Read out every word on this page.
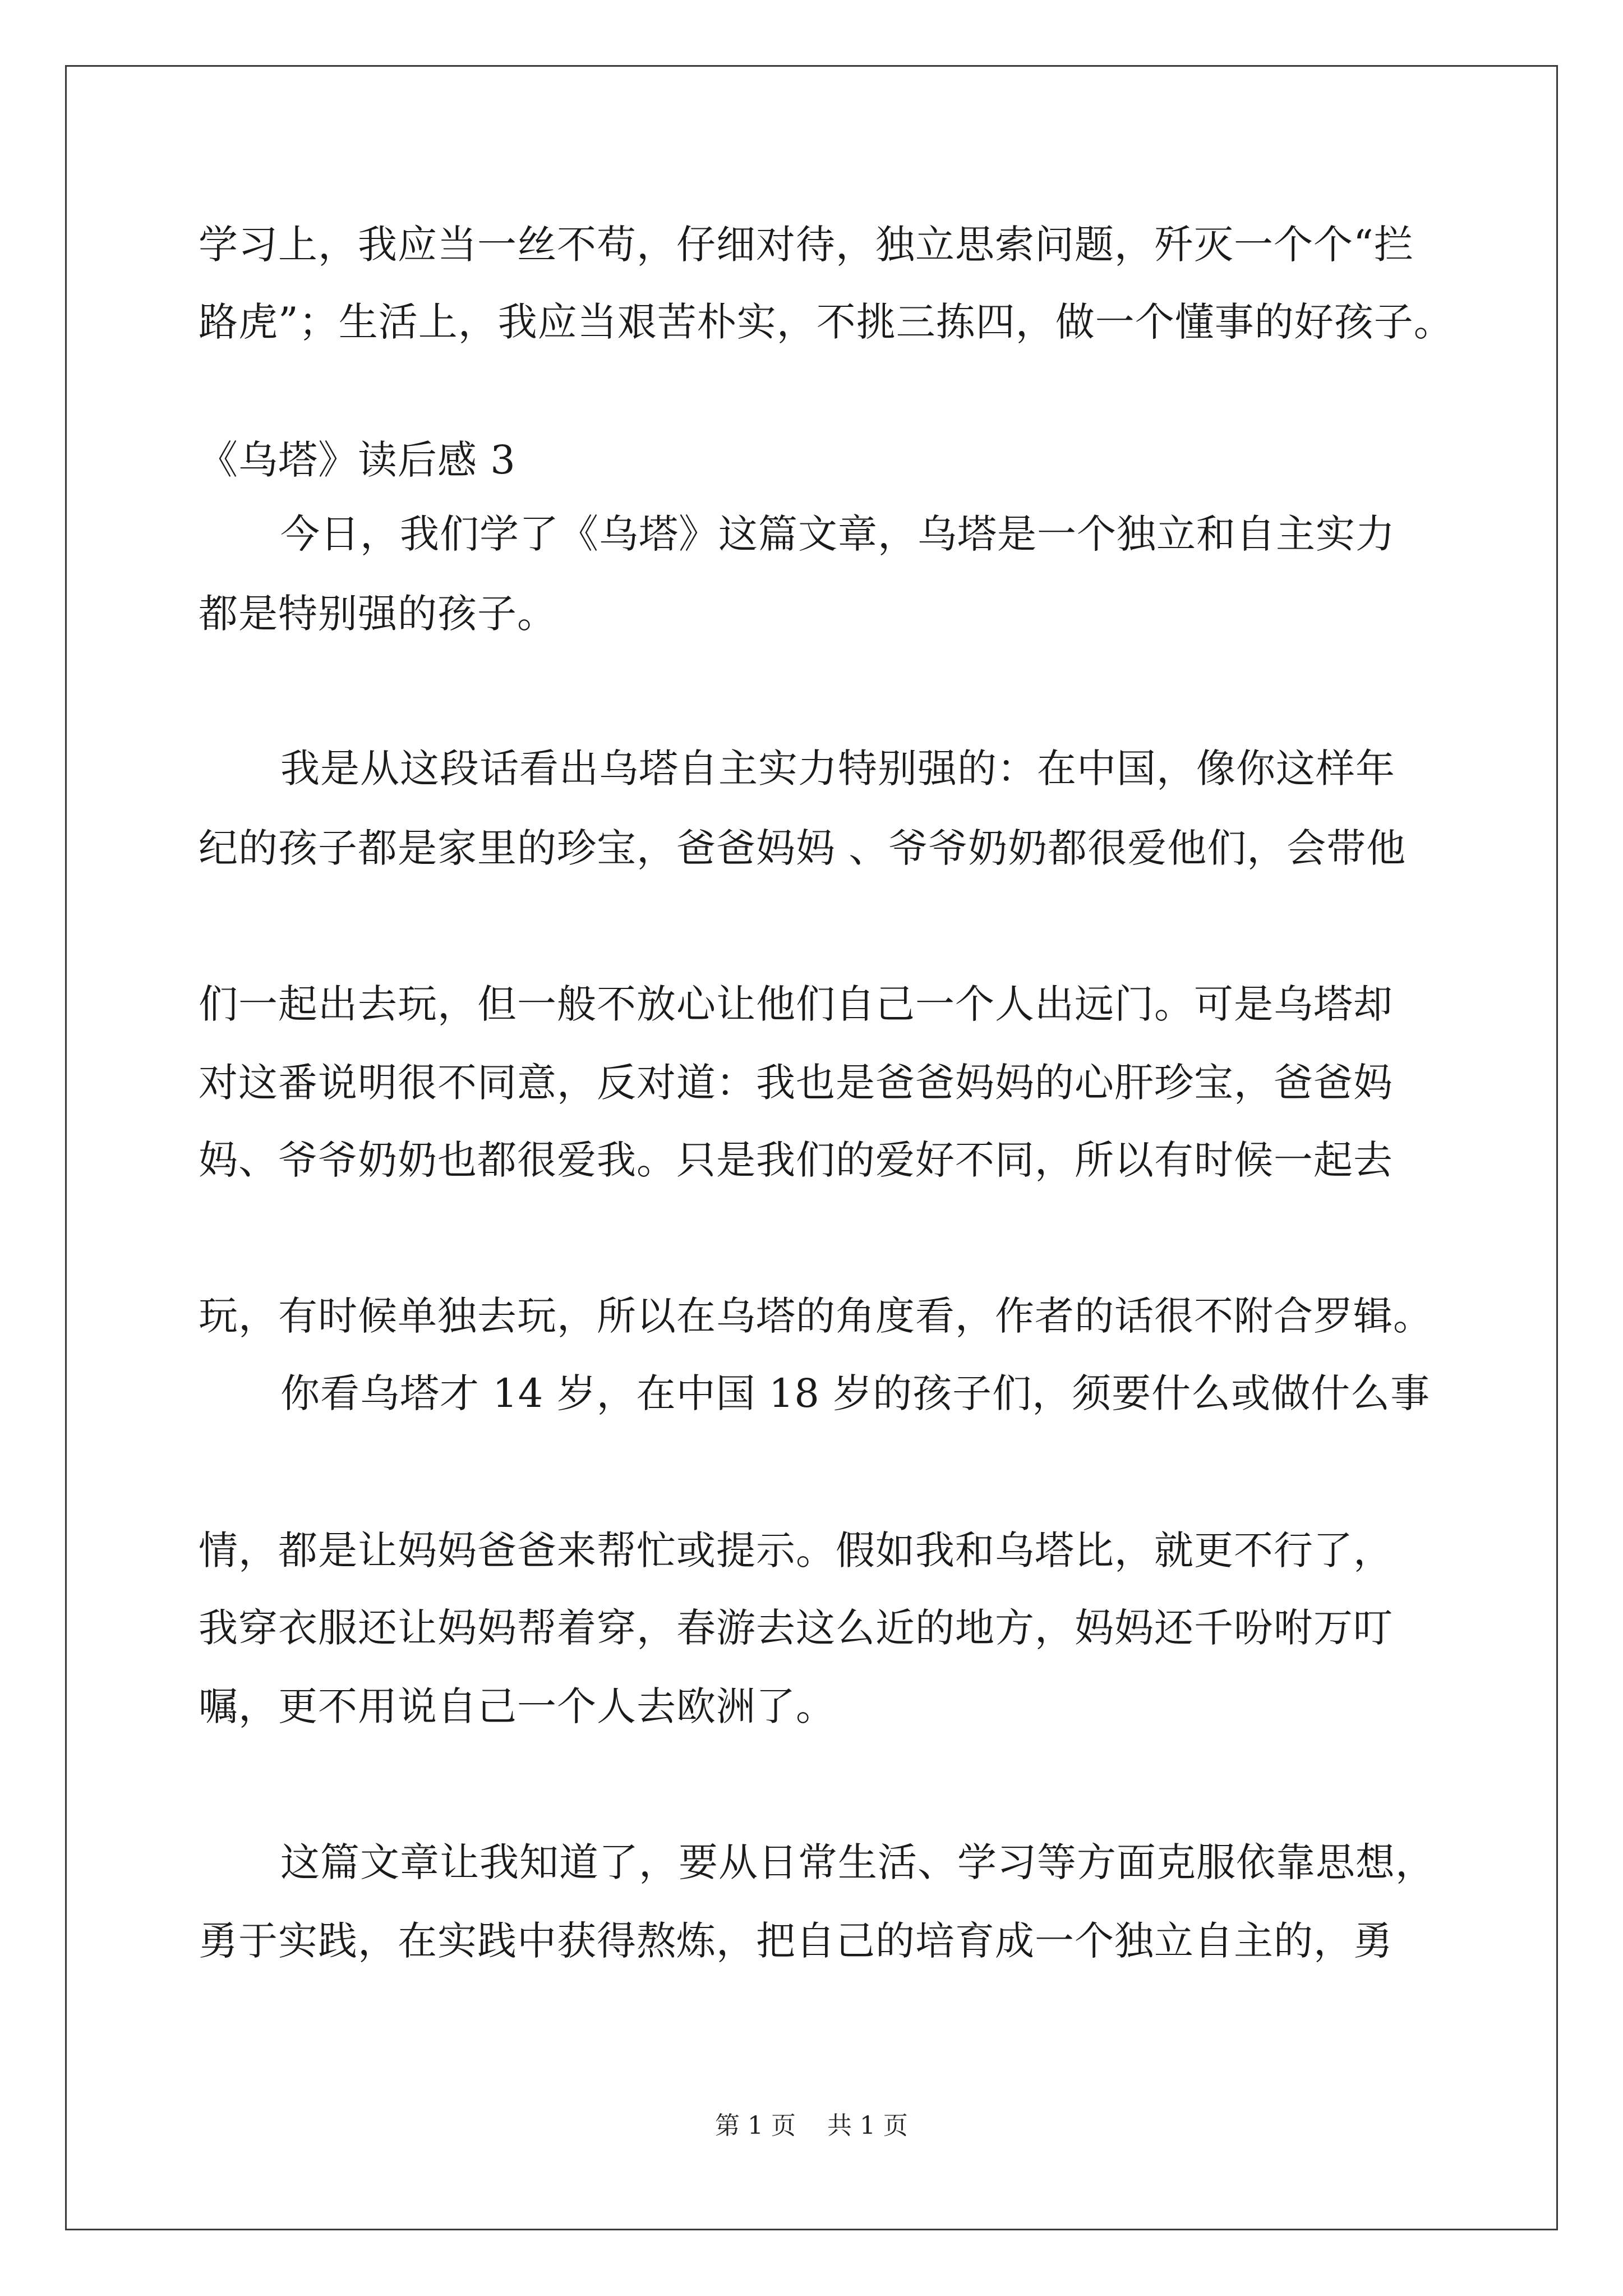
学习上，我应当一丝不苟，仔细对待，独立思索问题，歼灭一个个“拦
路虎”；生活上，我应当艰苦朴实，不挑三拣四，做一个懂事的好孩子。
《乌塔》读后感 3
今日，我们学了《乌塔》这篇文章，乌塔是一个独立和自主实力
都是特别强的孩子。
我是从这段话看出乌塔自主实力特别强的：在中国，像你这样年
纪的孩子都是家里的珍宝，爸爸妈妈 、爷爷奶奶都很爱他们，会带他
们一起出去玩，但一般不放心让他们自己一个人出远门。可是乌塔却
对这番说明很不同意，反对道：我也是爸爸妈妈的心肝珍宝，爸爸妈
妈、爷爷奶奶也都很爱我。只是我们的爱好不同，所以有时候一起去
玩，有时候单独去玩，所以在乌塔的角度看，作者的话很不附合罗辑。
你看乌塔才 14 岁，在中国 18 岁的孩子们，须要什么或做什么事
情，都是让妈妈爸爸来帮忙或提示。假如我和乌塔比，就更不行了，
我穿衣服还让妈妈帮着穿，春游去这么近的地方，妈妈还千吩咐万叮
嘱，更不用说自己一个人去欧洲了。
这篇文章让我知道了，要从日常生活、学习等方面克服依靠思想，
勇于实践，在实践中获得熬炼，把自己的培育成一个独立自主的，勇
第 1 页    共 1 页
